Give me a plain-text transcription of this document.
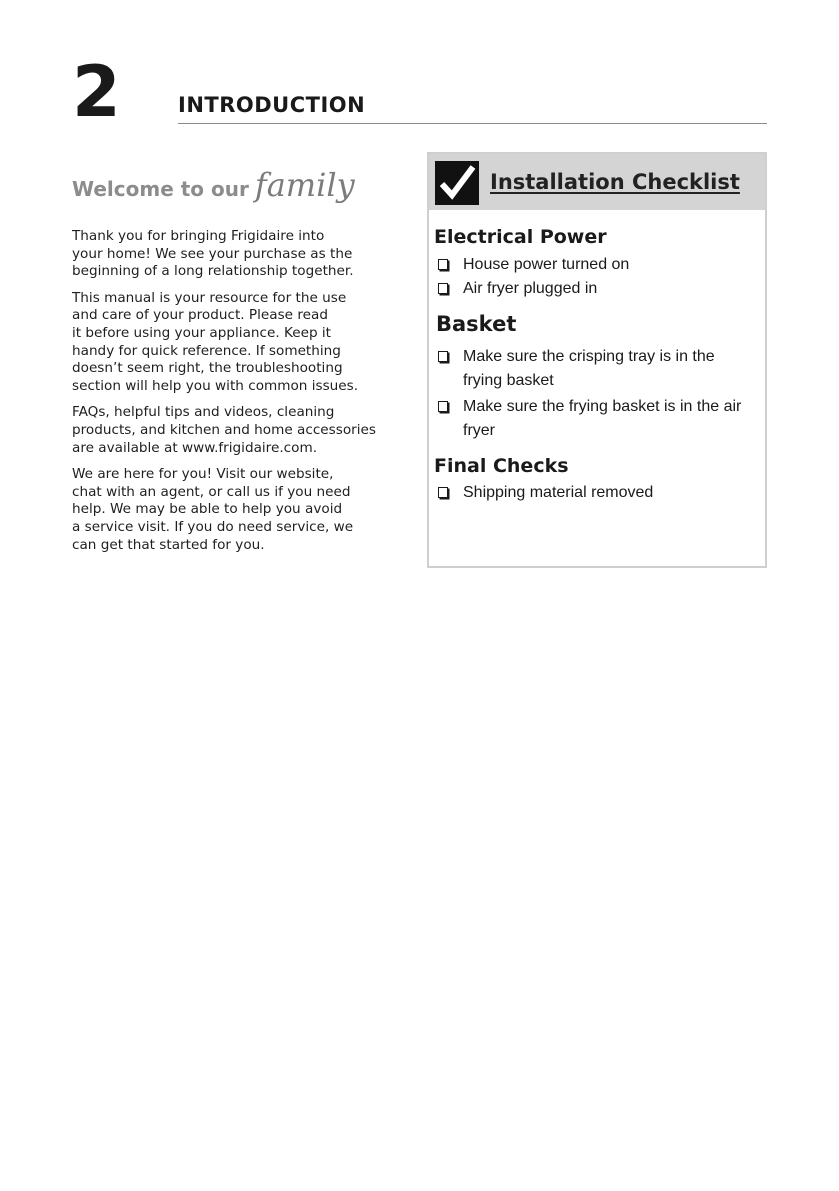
2	INTRODUCTION
Welcome to our family

Thank you for bringing Frigidaire into
your home! We see your purchase as the
beginning of a long relationship together.

This manual is your resource for the use
and care of your product. Please read
it before using your appliance. Keep it
handy for quick reference. If something
doesn’t seem right, the troubleshooting
section will help you with common issues.

FAQs, helpful tips and videos, cleaning
products, and kitchen and home accessories
are available at www.frigidaire.com.

We are here for you! Visit our website,
chat with an agent, or call us if you need
help. We may be able to help you avoid
a service visit. If you do need service, we
can get that started for you.

Installation Checklist
Electrical Power
House power turned on
Air fryer plugged in
Basket
Make sure the crisping tray is in the frying basket
Make sure the frying basket is in the air fryer
Final Checks
Shipping material removed
